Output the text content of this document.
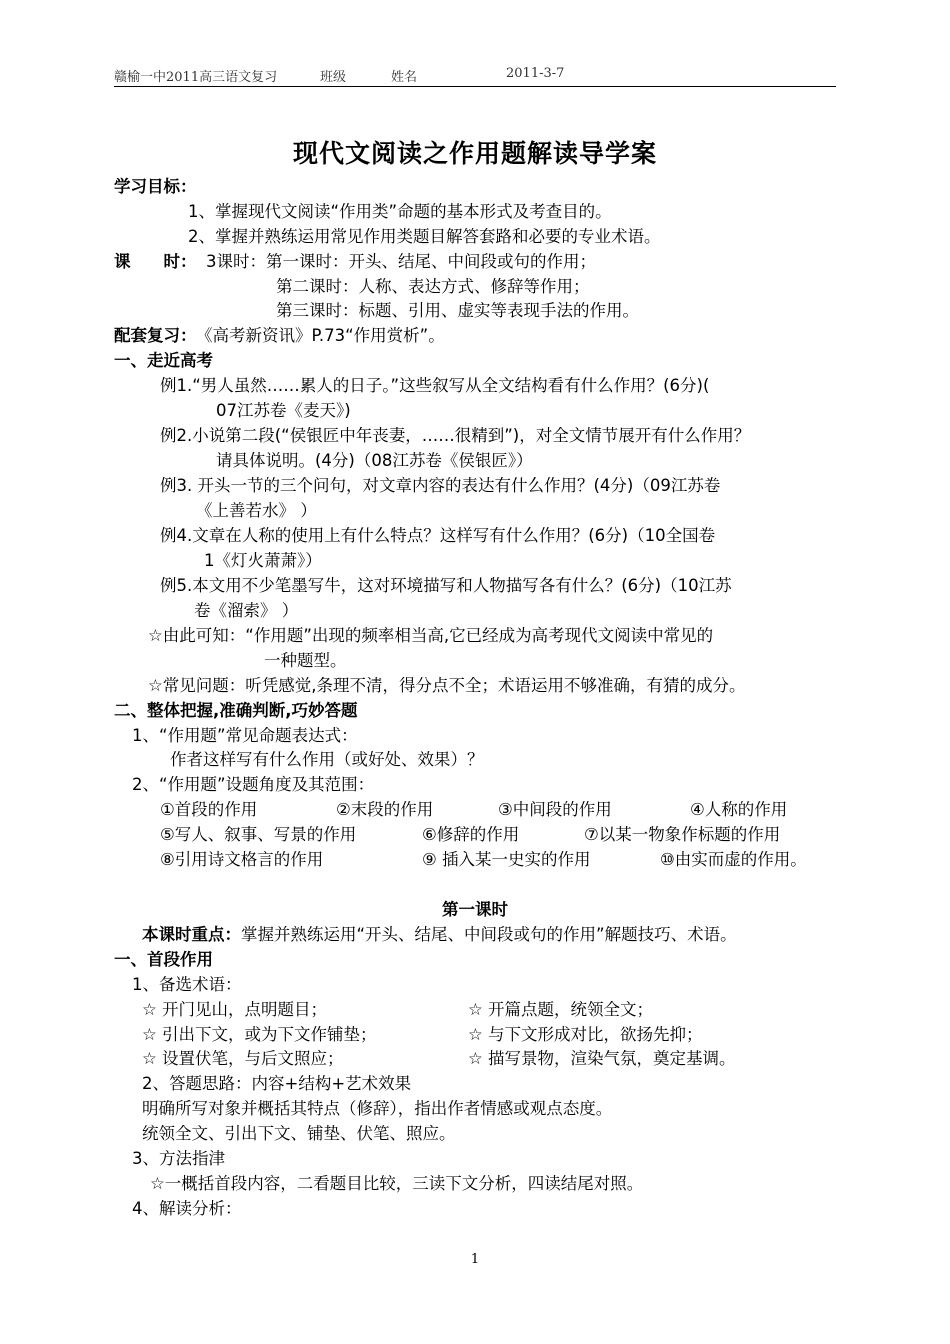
赣榆一中2011高三语文复习	班级	姓名	2011-3-7
现代文阅读之作用题解读导学案
学习目标：
1、掌握现代文阅读“作用类”命题的基本形式及考查目的。
2、掌握并熟练运用常见作用类题目解答套路和必要的专业术语。
课　　时： 3课时：第一课时：开头、结尾、中间段或句的作用；
第二课时：人称、表达方式、修辞等作用；
第三课时：标题、引用、虚实等表现手法的作用。
配套复习： 《高考新资讯》P.73“作用赏析”。
一、走近高考
例1.“男人虽然……累人的日子。”这些叙写从全文结构看有什么作用？(6分)(
07江苏卷《麦天》)
例2.小说第二段(“侯银匠中年丧妻，……很精到”)，对全文情节展开有什么作用？
请具体说明。(4分)（08江苏卷《侯银匠》）
例3. 开头一节的三个问句，对文章内容的表达有什么作用？(4分)（09江苏卷
《上善若水》 ）
例4.文章在人称的使用上有什么特点？这样写有什么作用？(6分)（10全国卷
1《灯火萧萧》）
例5.本文用不少笔墨写牛，这对环境描写和人物描写各有什么？(6分)（10江苏
卷《溜索》 ）
☆由此可知：“作用题”出现的频率相当高,它已经成为高考现代文阅读中常见的
一种题型。
☆常见问题：听凭感觉,条理不清，得分点不全；术语运用不够准确，有猜的成分。
二、整体把握,准确判断,巧妙答题
1、“作用题”常见命题表达式：
作者这样写有什么作用（或好处、效果）？
2、“作用题”设题角度及其范围：
①首段的作用	②末段的作用	③中间段的作用	④人称的作用
⑤写人、叙事、写景的作用	⑥修辞的作用	⑦以某一物象作标题的作用
⑧引用诗文格言的作用	⑨ 插入某一史实的作用	⑩由实而虚的作用。
第一课时
本课时重点：掌握并熟练运用“开头、结尾、中间段或句的作用”解题技巧、术语。
一、首段作用
1、备选术语：
☆ 开门见山，点明题目；	☆ 开篇点题，统领全文；
☆ 引出下文，或为下文作铺垫；	☆ 与下文形成对比，欲扬先抑；
☆ 设置伏笔，与后文照应；	☆ 描写景物，渲染气氛，奠定基调。
2、答题思路：内容+结构+艺术效果
明确所写对象并概括其特点（修辞），指出作者情感或观点态度。
统领全文、引出下文、铺垫、伏笔、照应。
3、方法指津
☆一概括首段内容，二看题目比较，三读下文分析，四读结尾对照。
4、解读分析：
1
